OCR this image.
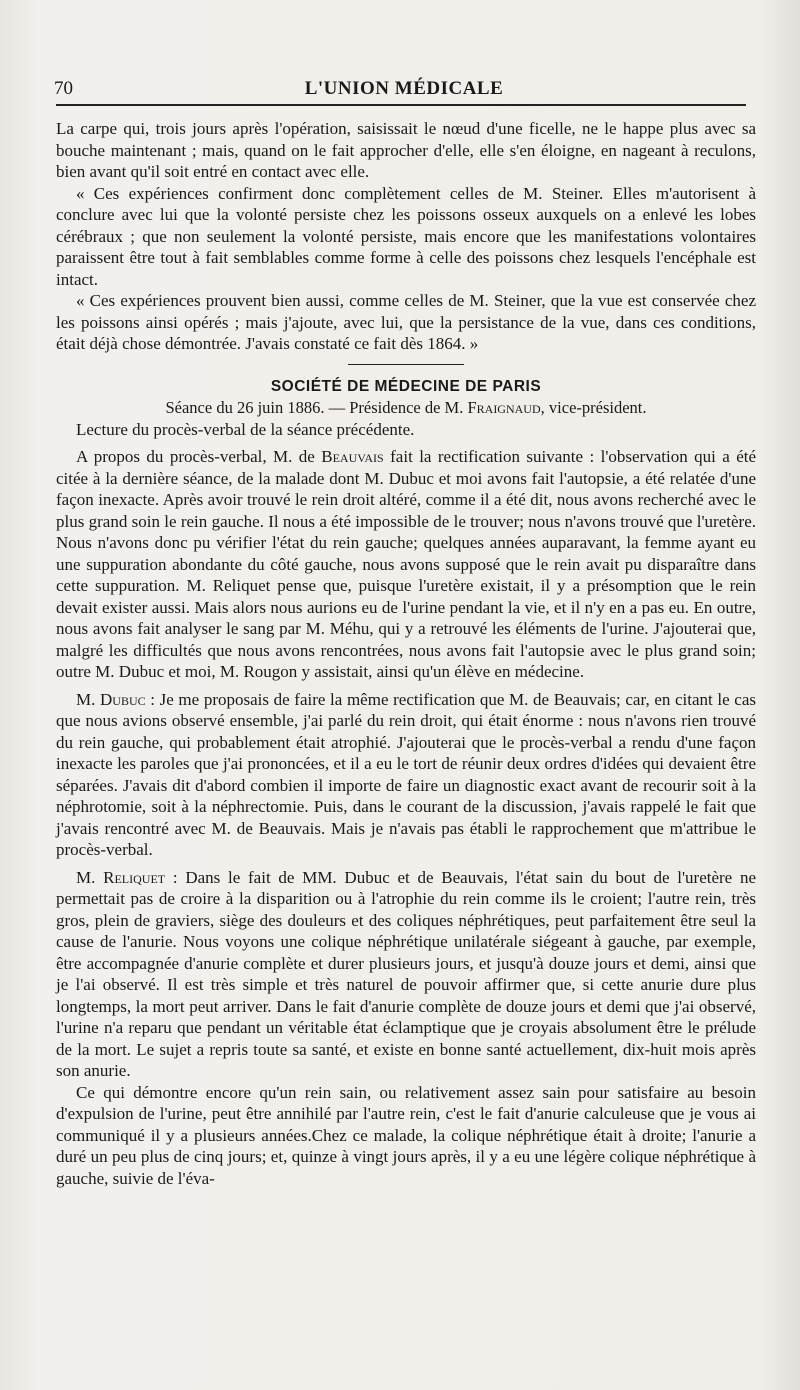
70	L'UNION MÉDICALE

La carpe qui, trois jours après l'opération, saisissait le nœud d'une ficelle, ne le happe plus avec sa bouche maintenant ; mais, quand on le fait approcher d'elle, elle s'en éloigne, en nageant à reculons, bien avant qu'il soit entré en contact avec elle.

« Ces expériences confirment donc complètement celles de M. Steiner. Elles m'autorisent à conclure avec lui que la volonté persiste chez les poissons osseux auxquels on a enlevé les lobes cérébraux ; que non seulement la volonté persiste, mais encore que les manifestations volontaires paraissent être tout à fait semblables comme forme à celle des poissons chez lesquels l'encéphale est intact.

« Ces expériences prouvent bien aussi, comme celles de M. Steiner, que la vue est conservée chez les poissons ainsi opérés ; mais j'ajoute, avec lui, que la persistance de la vue, dans ces conditions, était déjà chose démontrée. J'avais constaté ce fait dès 1864. »

SOCIÉTÉ DE MÉDECINE DE PARIS

Séance du 26 juin 1886. — Présidence de M. Fraignaud, vice-président.

Lecture du procès-verbal de la séance précédente.

A propos du procès-verbal, M. de Beauvais fait la rectification suivante : l'observation qui a été citée à la dernière séance, de la malade dont M. Dubuc et moi avons fait l'autopsie, a été relatée d'une façon inexacte. Après avoir trouvé le rein droit altéré, comme il a été dit, nous avons recherché avec le plus grand soin le rein gauche. Il nous a été impossible de le trouver; nous n'avons trouvé que l'uretère. Nous n'avons donc pu vérifier l'état du rein gauche; quelques années auparavant, la femme ayant eu une suppuration abondante du côté gauche, nous avons supposé que le rein avait pu disparaître dans cette suppuration. M. Reliquet pense que, puisque l'uretère existait, il y a présomption que le rein devait exister aussi. Mais alors nous aurions eu de l'urine pendant la vie, et il n'y en a pas eu. En outre, nous avons fait analyser le sang par M. Méhu, qui y a retrouvé les éléments de l'urine. J'ajouterai que, malgré les difficultés que nous avons rencontrées, nous avons fait l'autopsie avec le plus grand soin; outre M. Dubuc et moi, M. Rougon y assistait, ainsi qu'un élève en médecine.

M. Dubuc : Je me proposais de faire la même rectification que M. de Beauvais; car, en citant le cas que nous avions observé ensemble, j'ai parlé du rein droit, qui était énorme : nous n'avons rien trouvé du rein gauche, qui probablement était atrophié. J'ajouterai que le procès-verbal a rendu d'une façon inexacte les paroles que j'ai prononcées, et il a eu le tort de réunir deux ordres d'idées qui devaient être séparées. J'avais dit d'abord combien il importe de faire un diagnostic exact avant de recourir soit à la néphrotomie, soit à la néphrectomie. Puis, dans le courant de la discussion, j'avais rappelé le fait que j'avais rencontré avec M. de Beauvais. Mais je n'avais pas établi le rapprochement que m'attribue le procès-verbal.

M. Reliquet : Dans le fait de MM. Dubuc et de Beauvais, l'état sain du bout de l'uretère ne permettait pas de croire à la disparition ou à l'atrophie du rein comme ils le croient; l'autre rein, très gros, plein de graviers, siège des douleurs et des coliques néphrétiques, peut parfaitement être seul la cause de l'anurie. Nous voyons une colique néphrétique unilatérale siégeant à gauche, par exemple, être accompagnée d'anurie complète et durer plusieurs jours, et jusqu'à douze jours et demi, ainsi que je l'ai observé. Il est très simple et très naturel de pouvoir affirmer que, si cette anurie dure plus longtemps, la mort peut arriver. Dans le fait d'anurie complète de douze jours et demi que j'ai observé, l'urine n'a reparu que pendant un véritable état éclamptique que je croyais absolument être le prélude de la mort. Le sujet a repris toute sa santé, et existe en bonne santé actuellement, dix-huit mois après son anurie.

Ce qui démontre encore qu'un rein sain, ou relativement assez sain pour satisfaire au besoin d'expulsion de l'urine, peut être annihilé par l'autre rein, c'est le fait d'anurie calculeuse que je vous ai communiqué il y a plusieurs années.Chez ce malade, la colique néphrétique était à droite; l'anurie a duré un peu plus de cinq jours; et, quinze à vingt jours après, il y a eu une légère colique néphrétique à gauche, suivie de l'éva-
